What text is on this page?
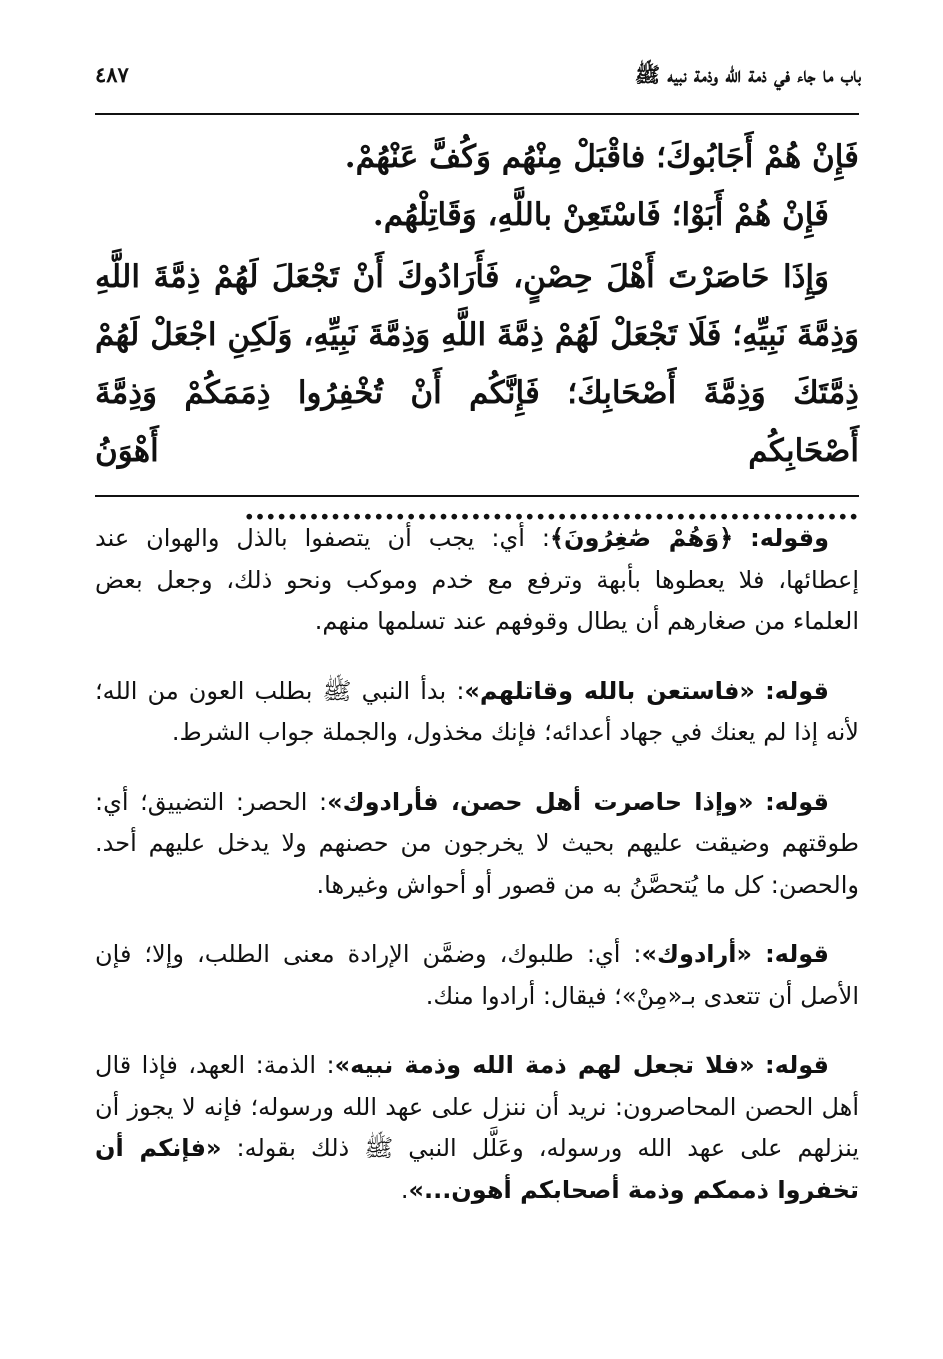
باب ما جاء في ذمة الله وذمة نبيه ﷺ
٤٨٧

فَإِنْ هُمْ أَجَابُوكَ؛ فاقْبَلْ مِنْهُم وَكُفَّ عَنْهُمْ.

فَإِنْ هُمْ أَبَوْا؛ فَاسْتَعِنْ باللَّهِ، وَقَاتِلْهُم.

وَإِذَا حَاصَرْتَ أَهْلَ حِصْنٍ، فَأَرَادُوكَ أَنْ تَجْعَلَ لَهُمْ ذِمَّةَ اللَّهِ وَذِمَّةَ نَبِيِّهِ؛ فَلَا تَجْعَلْ لَهُمْ ذِمَّةَ اللَّهِ وَذِمَّةَ نَبِيِّهِ، وَلَكِنِ اجْعَلْ لَهُمْ ذِمَّتَكَ وَذِمَّةَ أَصْحَابِكَ؛ فَإِنَّكُم أَنْ تُخْفِرُوا ذِمَمَكُمْ وَذِمَّةَ أَصْحَابِكُم أَهْوَنُ .........................................................

وقوله: ﴿وَهُمْ صَٰغِرُونَ﴾: أي: يجب أن يتصفوا بالذل والهوان عند إعطائها، فلا يعطوها بأبهة وترفع مع خدم وموكب ونحو ذلك، وجعل بعض العلماء من صغارهم أن يطال وقوفهم عند تسلمها منهم.

قوله: «فاستعن بالله وقاتلهم»: بدأ النبي ﷺ بطلب العون من الله؛ لأنه إذا لم يعنك في جهاد أعدائه؛ فإنك مخذول، والجملة جواب الشرط.

قوله: «وإذا حاصرت أهل حصن، فأرادوك»: الحصر: التضييق؛ أي: طوقتهم وضيقت عليهم بحيث لا يخرجون من حصنهم ولا يدخل عليهم أحد. والحصن: كل ما يُتحصَّنُ به من قصور أو أحواش وغيرها.

قوله: «أرادوك»: أي: طلبوك، وضمَّن الإرادة معنى الطلب، وإلا؛ فإن الأصل أن تتعدى بـ«مِنْ»؛ فيقال: أرادوا منك.

قوله: «فلا تجعل لهم ذمة الله وذمة نبيه»: الذمة: العهد، فإذا قال أهل الحصن المحاصرون: نريد أن ننزل على عهد الله ورسوله؛ فإنه لا يجوز أن ينزلهم على عهد الله ورسوله، وعَلَّل النبي ﷺ ذلك بقوله: «فإنكم أن تخفروا ذممكم وذمة أصحابكم أهون...».
